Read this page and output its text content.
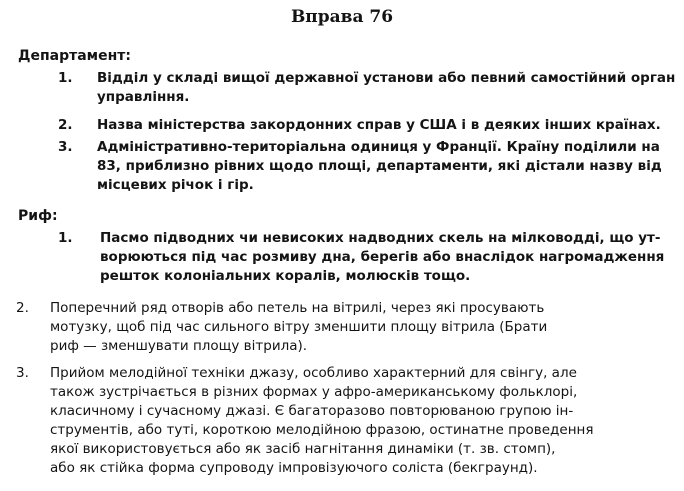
Вправа 76
Департамент:
1. Відділ у складі вищої державної установи або певний самостійний орган
управління.
2. Назва міністерства закордонних справ у США і в деяких інших країнах.
3. Адміністративно-територіальна одиниця у Франції. Країну поділили на
83, приблизно рівних щодо площі, департаменти, які дістали назву від
місцевих річок і гір.
Риф:
1. Пасмо підводних чи невисоких надводних скель на мілководді, що ут-
ворюються під час розмиву дна, берегів або внаслідок нагромадження
решток колоніальних коралів, молюсків тощо.
2. Поперечний ряд отворів або петель на вітрилі, через які просувають
мотузку, щоб під час сильного вітру зменшити площу вітрила (Брати
риф — зменшувати площу вітрила).
3. Прийом мелодійної техніки джазу, особливо характерний для свінгу, але
також зустрічається в різних формах у афро-американському фольклорі,
класичному і сучасному джазі. Є багаторазово повторюваною групою ін-
струментів, або туті, короткою мелодійною фразою, остинатне проведення
якої використовується або як засіб нагнітання динаміки (т. зв. стомп),
або як стійка форма супроводу імпровізуючого соліста (бекграунд).
